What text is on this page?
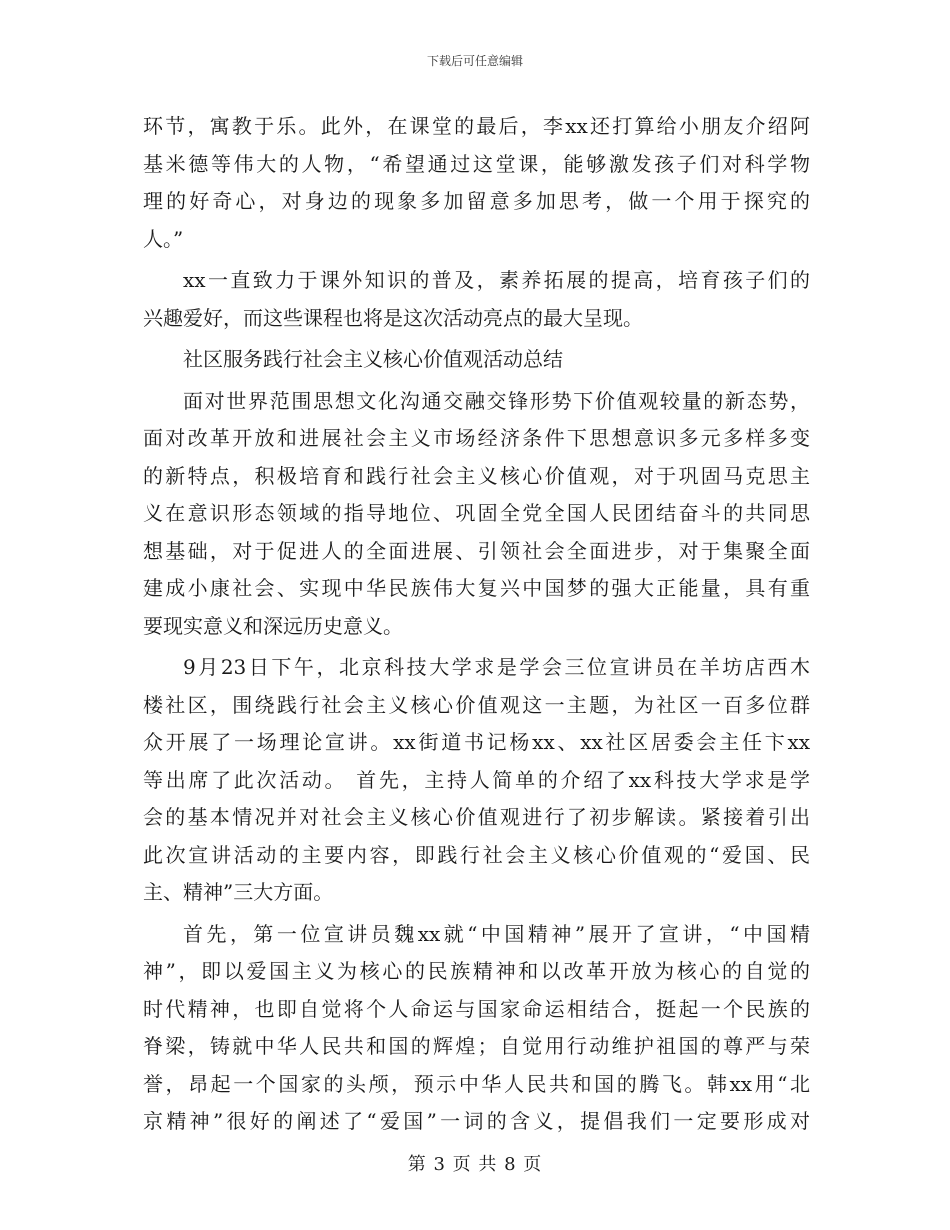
下载后可任意编辑
环节，寓教于乐。此外，在课堂的最后，李xx还打算给小朋友介绍阿
基米德等伟大的人物，“希望通过这堂课，能够激发孩子们对科学物
理的好奇心，对身边的现象多加留意多加思考，做一个用于探究的
人。”
xx一直致力于课外知识的普及，素养拓展的提高，培育孩子们的
兴趣爱好，而这些课程也将是这次活动亮点的最大呈现。
社区服务践行社会主义核心价值观活动总结
面对世界范围思想文化沟通交融交锋形势下价值观较量的新态势，
面对改革开放和进展社会主义市场经济条件下思想意识多元多样多变
的新特点，积极培育和践行社会主义核心价值观，对于巩固马克思主
义在意识形态领域的指导地位、巩固全党全国人民团结奋斗的共同思
想基础，对于促进人的全面进展、引领社会全面进步，对于集聚全面
建成小康社会、实现中华民族伟大复兴中国梦的强大正能量，具有重
要现实意义和深远历史意义。
9月23日下午，北京科技大学求是学会三位宣讲员在羊坊店西木
楼社区，围绕践行社会主义核心价值观这一主题，为社区一百多位群
众开展了一场理论宣讲。xx街道书记杨xx、xx社区居委会主任卞xx
等出席了此次活动。 首先，主持人简单的介绍了xx科技大学求是学
会的基本情况并对社会主义核心价值观进行了初步解读。紧接着引出
此次宣讲活动的主要内容，即践行社会主义核心价值观的“爱国、民
主、精神”三大方面。
首先，第一位宣讲员魏xx就“中国精神”展开了宣讲，“中国精
神”，即以爱国主义为核心的民族精神和以改革开放为核心的自觉的
时代精神，也即自觉将个人命运与国家命运相结合，挺起一个民族的
脊梁，铸就中华人民共和国的辉煌；自觉用行动维护祖国的尊严与荣
誉，昂起一个国家的头颅，预示中华人民共和国的腾飞。韩xx用“北
京精神”很好的阐述了“爱国”一词的含义，提倡我们一定要形成对
第 3 页 共 8 页
